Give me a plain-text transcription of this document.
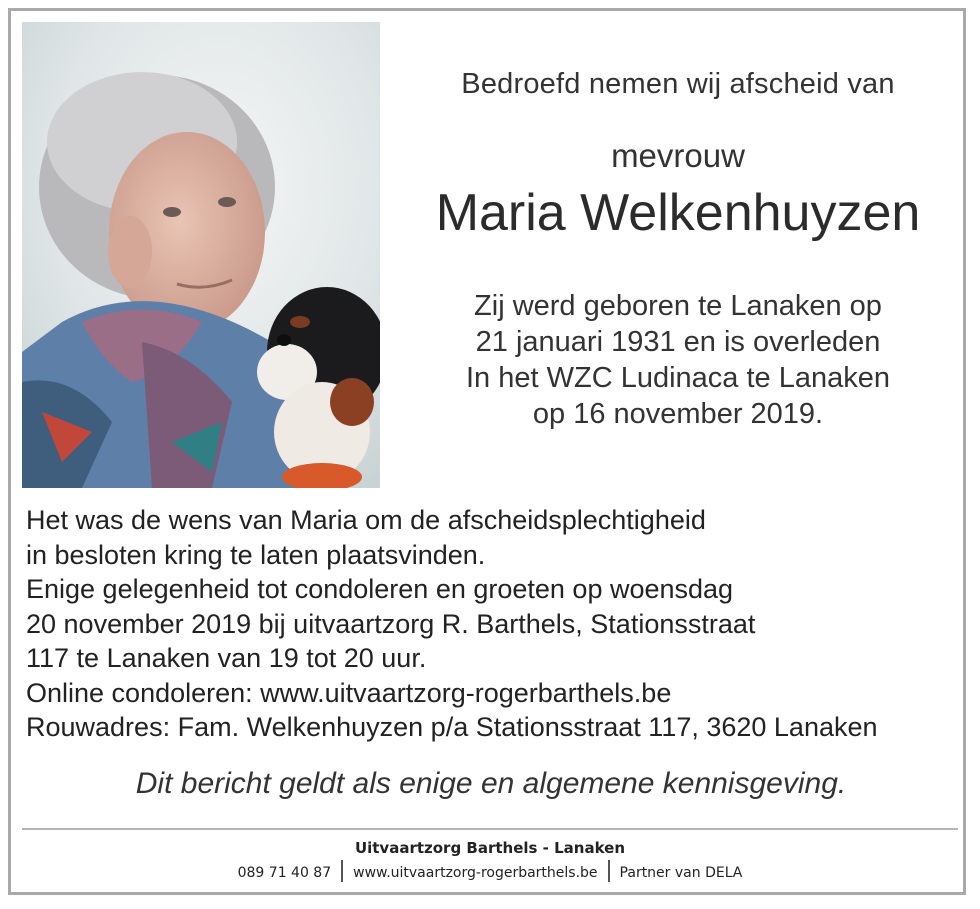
Bedroefd nemen wij afscheid van
mevrouw
Maria Welkenhuyzen
Zij werd geboren te Lanaken op
21 januari 1931 en is overleden
In het WZC Ludinaca te Lanaken
op 16 november 2019.
Het was de wens van Maria om de afscheidsplechtigheid
in besloten kring te laten plaatsvinden.
Enige gelegenheid tot condoleren en groeten op woensdag
20 november 2019 bij uitvaartzorg R. Barthels, Stationsstraat
117 te Lanaken van 19 tot 20 uur.
Online condoleren: www.uitvaartzorg-rogerbarthels.be
Rouwadres: Fam. Welkenhuyzen p/a Stationsstraat 117, 3620 Lanaken
Dit bericht geldt als enige en algemene kennisgeving.
Uitvaartzorg Barthels - Lanaken
089 71 40 87 www.uitvaartzorg-rogerbarthels.be Partner van DELA
